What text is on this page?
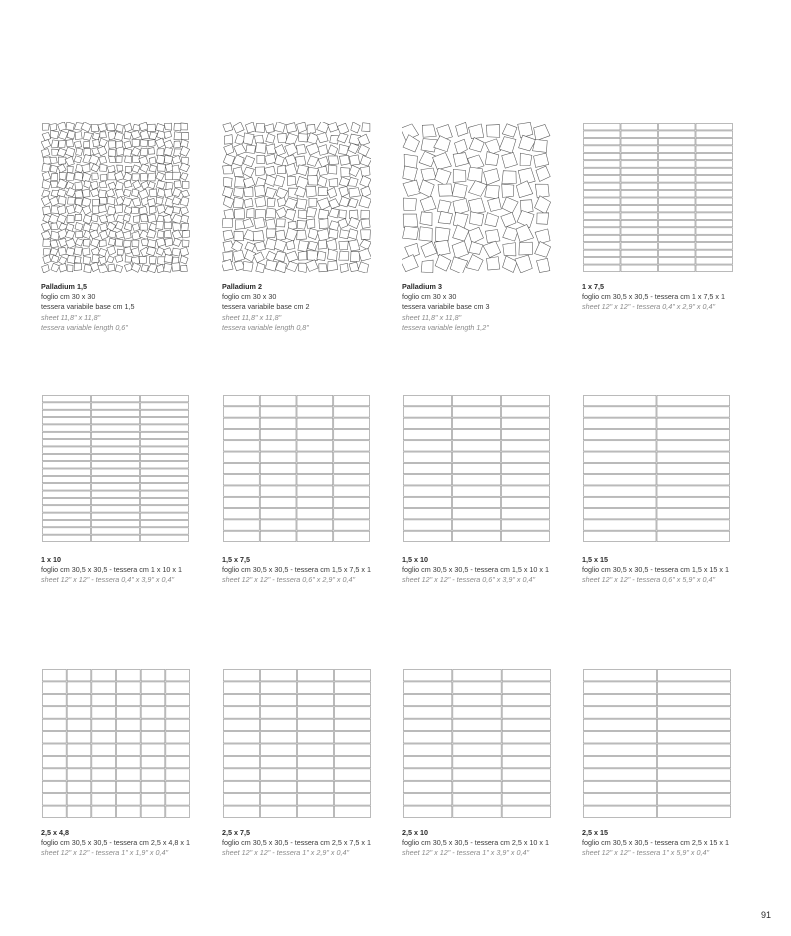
Palladium 1,5
foglio cm 30 x 30
tessera variabile base cm 1,5
sheet 11,8" x 11,8"
tessera variable length 0,6"
Palladium 2
foglio cm 30 x 30
tessera variabile base cm 2
sheet 11,8" x 11,8"
tessera variable length 0,8"
Palladium 3
foglio cm 30 x 30
tessera variabile base cm 3
sheet 11,8" x 11,8"
tessera variable length 1,2"
1 x 7,5
foglio cm 30,5 x 30,5 - tessera cm 1 x 7,5 x 1
sheet 12" x 12" - tessera 0,4" x 2,9" x 0,4"
1 x 10
foglio cm 30,5 x 30,5 - tessera cm 1 x 10 x 1
sheet 12" x 12" - tessera 0,4" x 3,9" x 0,4"
1,5 x 7,5
foglio cm 30,5 x 30,5 - tessera cm 1,5 x 7,5 x 1
sheet 12" x 12" - tessera 0,6" x 2,9" x 0,4"
1,5 x 10
foglio cm 30,5 x 30,5 - tessera cm 1,5 x 10 x 1
sheet 12" x 12" - tessera 0,6" x 3,9" x 0,4"
1,5 x 15
foglio cm 30,5 x 30,5 - tessera cm 1,5 x 15 x 1
sheet 12" x 12" - tessera 0,6" x 5,9" x 0,4"
2,5 x 4,8
foglio cm 30,5 x 30,5 - tessera cm 2,5 x 4,8 x 1
sheet 12" x 12" - tessera 1" x 1,9" x 0,4"
2,5 x 7,5
foglio cm 30,5 x 30,5 - tessera cm 2,5 x 7,5 x 1
sheet 12" x 12" - tessera 1" x 2,9" x 0,4"
2,5 x 10
foglio cm 30,5 x 30,5 - tessera cm 2,5 x 10 x 1
sheet 12" x 12" - tessera 1" x 3,9" x 0,4"
2,5 x 15
foglio cm 30,5 x 30,5 - tessera cm 2,5 x 15 x 1
sheet 12" x 12" - tessera 1" x 5,9" x 0,4"
91
